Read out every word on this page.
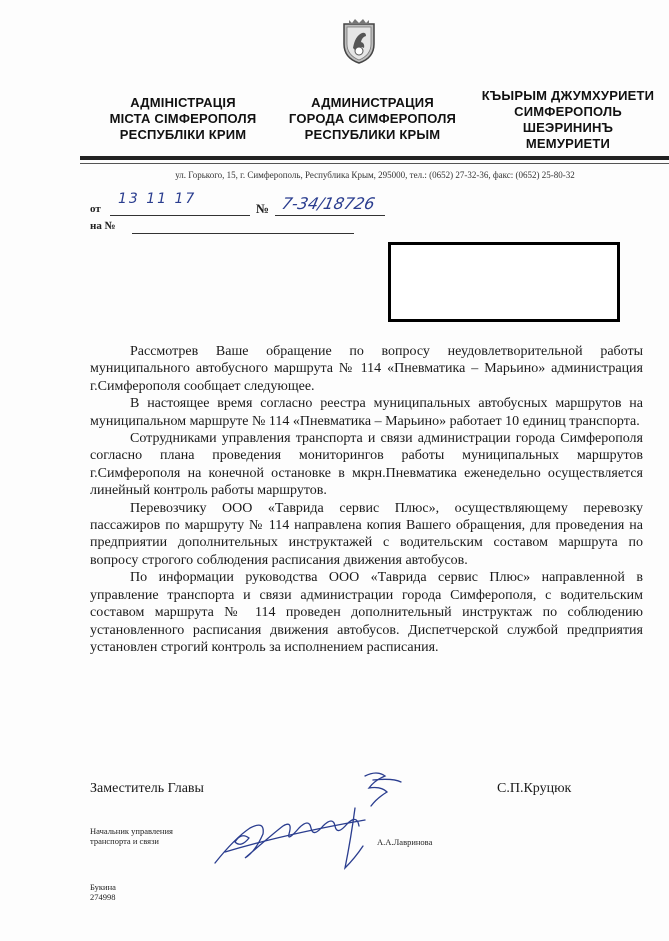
АДМІНІСТРАЦІЯ
МІСТА СІМФЕРОПОЛЯ
РЕСПУБЛІКИ КРИМ
АДМИНИСТРАЦИЯ
ГОРОДА СИМФЕРОПОЛЯ
РЕСПУБЛИКИ КРЫМ
КЪЫРЫМ ДЖУМХУРИЕТИ
СИМФЕРОПОЛЬ
ШЕЭРИНИНЪ
МЕМУРИЕТИ
ул. Горького, 15, г. Симферополь, Республика Крым, 295000, тел.: (0652) 27-32-36, факс: (0652) 25-80-32
от
13 11 17
№ 7-34/18726
на №

Рассмотрев Ваше обращение по вопросу неудовлетворительной работы муниципального автобусного маршрута № 114 «Пневматика – Марьино» администрация г.Симферополя сообщает следующее.

В настоящее время согласно реестра муниципальных автобусных маршрутов на муниципальном маршруте № 114 «Пневматика – Марьино» работает 10 единиц транспорта.

Сотрудниками управления транспорта и связи администрации города Симферополя согласно плана проведения мониторингов работы муниципальных маршрутов г.Симферополя на конечной остановке в мкрн.Пневматика еженедельно осуществляется линейный контроль работы маршрутов.

Перевозчику ООО «Таврида сервис Плюс», осуществляющему перевозку пассажиров по маршруту № 114 направлена копия Вашего обращения, для проведения на предприятии дополнительных инструктажей с водительским составом маршрута по вопросу строгого соблюдения расписания движения автобусов.

По информации руководства ООО «Таврида сервис Плюс» направленной в управление транспорта и связи администрации города Симферополя, с водительским составом маршрута № 114 проведен дополнительный инструктаж по соблюдению установленного расписания движения автобусов. Диспетчерской службой предприятия установлен строгий контроль за исполнением расписания.

Заместитель Главы	С.П.Круцюк
Начальник управления
транспорта и связи	А.А.Лавринова
Букина
274998
